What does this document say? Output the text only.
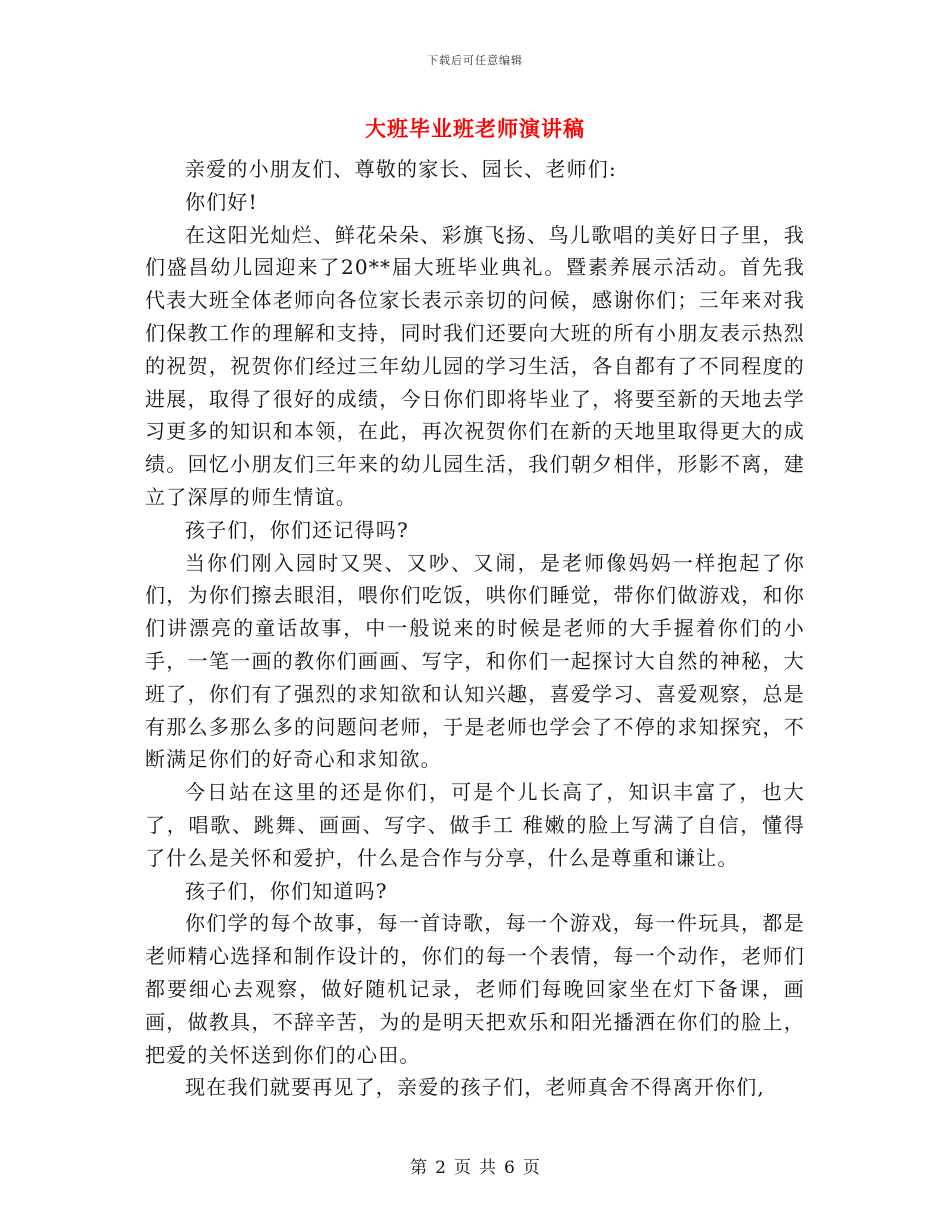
下载后可任意编辑
大班毕业班老师演讲稿

亲爱的小朋友们、尊敬的家长、园长、老师们:

你们好!

在这阳光灿烂、鲜花朵朵、彩旗飞扬、鸟儿歌唱的美好日子里，我们盛昌幼儿园迎来了20**届大班毕业典礼。暨素养展示活动。首先我代表大班全体老师向各位家长表示亲切的问候，感谢你们；三年来对我们保教工作的理解和支持，同时我们还要向大班的所有小朋友表示热烈的祝贺，祝贺你们经过三年幼儿园的学习生活，各自都有了不同程度的进展，取得了很好的成绩，今日你们即将毕业了，将要至新的天地去学习更多的知识和本领，在此，再次祝贺你们在新的天地里取得更大的成绩。回忆小朋友们三年来的幼儿园生活，我们朝夕相伴，形影不离，建立了深厚的师生情谊。

孩子们，你们还记得吗?

当你们刚入园时又哭、又吵、又闹，是老师像妈妈一样抱起了你们，为你们擦去眼泪，喂你们吃饭，哄你们睡觉，带你们做游戏，和你们讲漂亮的童话故事，中一般说来的时候是老师的大手握着你们的小手，一笔一画的教你们画画、写字，和你们一起探讨大自然的神秘，大班了，你们有了强烈的求知欲和认知兴趣，喜爱学习、喜爱观察，总是有那么多那么多的问题问老师，于是老师也学会了不停的求知探究，不断满足你们的好奇心和求知欲。

今日站在这里的还是你们，可是个儿长高了，知识丰富了，也大了，唱歌、跳舞、画画、写字、做手工 稚嫩的脸上写满了自信，懂得了什么是关怀和爱护，什么是合作与分享，什么是尊重和谦让。

孩子们，你们知道吗?

你们学的每个故事，每一首诗歌，每一个游戏，每一件玩具，都是老师精心选择和制作设计的，你们的每一个表情，每一个动作，老师们都要细心去观察，做好随机记录，老师们每晚回家坐在灯下备课，画画，做教具，不辞辛苦，为的是明天把欢乐和阳光播洒在你们的脸上，把爱的关怀送到你们的心田。

现在我们就要再见了，亲爱的孩子们，老师真舍不得离开你们,

第 2 页 共 6 页
